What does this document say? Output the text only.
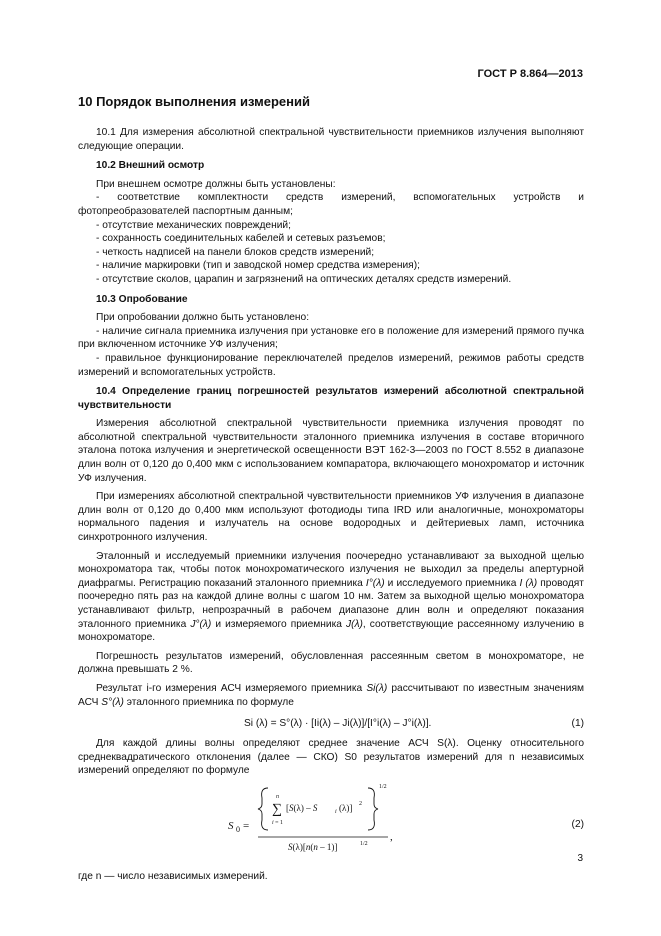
ГОСТ Р 8.864—2013
10 Порядок выполнения измерений

10.1 Для измерения абсолютной спектральной чувствительности приемников излучения выполняют следующие операции.

10.2 Внешний осмотр

При внешнем осмотре должны быть установлены:

- соответствие комплектности средств измерений, вспомогательных устройств и фотопреобразователей паспортным данным;

- отсутствие механических повреждений;

- сохранность соединительных кабелей и сетевых разъемов;

- четкость надписей на панели блоков средств измерений;

- наличие маркировки (тип и заводской номер средства измерения);

- отсутствие сколов, царапин и загрязнений на оптических деталях средств измерений.

10.3 Опробование

При опробовании должно быть установлено:

- наличие сигнала приемника излучения при установке его в положение для измерений прямого пучка при включенном источнике УФ излучения;

- правильное функционирование переключателей пределов измерений, режимов работы средств измерений и вспомогательных устройств.

10.4 Определение границ погрешностей результатов измерений абсолютной спектральной чувствительности

Измерения абсолютной спектральной чувствительности приемника излучения проводят по абсолютной спектральной чувствительности эталонного приемника излучения в составе вторичного эталона потока излучения и энергетической освещенности ВЭТ 162-3—2003 по ГОСТ 8.552 в диапазоне длин волн от 0,120 до 0,400 мкм с использованием компаратора, включающего монохроматор и источник УФ излучения.

При измерениях абсолютной спектральной чувствительности приемников УФ излучения в диапазоне длин волн от 0,120 до 0,400 мкм используют фотодиоды типа IRD или аналогичные, монохроматоры нормального падения и излучатель на основе водородных и дейтериевых ламп, источника синхротронного излучения.

Эталонный и исследуемый приемники излучения поочередно устанавливают за выходной щелью монохроматора так, чтобы поток монохроматического излучения не выходил за пределы апертурной диафрагмы. Регистрацию показаний эталонного приемника I°(λ) и исследуемого приемника I (λ) проводят поочередно пять раз на каждой длине волны с шагом 10 нм. Затем за выходной щелью монохроматора устанавливают фильтр, непрозрачный в рабочем диапазоне длин волн и определяют показания эталонного приемника J°(λ) и измеряемого приемника J(λ), соответствующие рассеянному излучению в монохроматоре.

Погрешность результатов измерений, обусловленная рассеянным светом в монохроматоре, не должна превышать 2 %.

Результат i-го измерения АСЧ измеряемого приемника Si(λ) рассчитывают по известным значениям АСЧ S°(λ) эталонного приемника по формуле

Si (λ) = S°(λ) · [Ii(λ) – Ji(λ)]/[I°i(λ) – J°i(λ)].	(1)

Для каждой длины волны определяют среднее значение АСЧ S(λ). Оценку относительного среднеквадратического отклонения (далее — СКО) S0 результатов измерений для n независимых измерений определяют по формуле

S 0 =
n
∑
i = 1
[S(λ) – S	i (λ)] 2
1/2
S(λ)[n(n – 1)]	1/2
,
(2)

где n — число независимых измерений.

3
